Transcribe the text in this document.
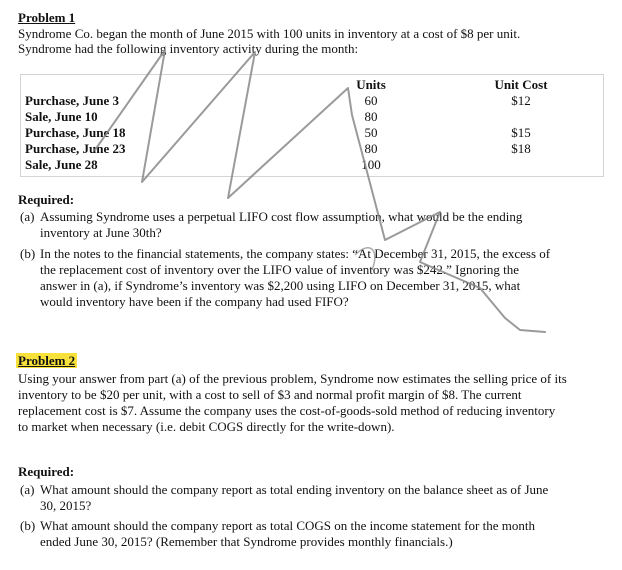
Problem 1
Syndrome Co. began the month of June 2015 with 100 units in inventory at a cost of $8 per unit.
Syndrome had the following inventory activity during the month:
Units	Unit Cost
Purchase, June 3	60	$12
Sale, June 10	80
Purchase, June 18	50	$15
Purchase, June 23	80	$18
Sale, June 28	100
Required:
(a) Assuming Syndrome uses a perpetual LIFO cost flow assumption, what would be the ending
inventory at June 30th?
(b) In the notes to the financial statements, the company states: “At December 31, 2015, the excess of
the replacement cost of inventory over the LIFO value of inventory was $242.” Ignoring the
answer in (a), if Syndrome’s inventory was $2,200 using LIFO on December 31, 2015, what
would inventory have been if the company had used FIFO?
Problem 2
Using your answer from part (a) of the previous problem, Syndrome now estimates the selling price of its
inventory to be $20 per unit, with a cost to sell of $3 and normal profit margin of $8. The current
replacement cost is $7. Assume the company uses the cost-of-goods-sold method of reducing inventory
to market when necessary (i.e. debit COGS directly for the write-down).
Required:
(a) What amount should the company report as total ending inventory on the balance sheet as of June
30, 2015?
(b) What amount should the company report as total COGS on the income statement for the month
ended June 30, 2015? (Remember that Syndrome provides monthly financials.)
